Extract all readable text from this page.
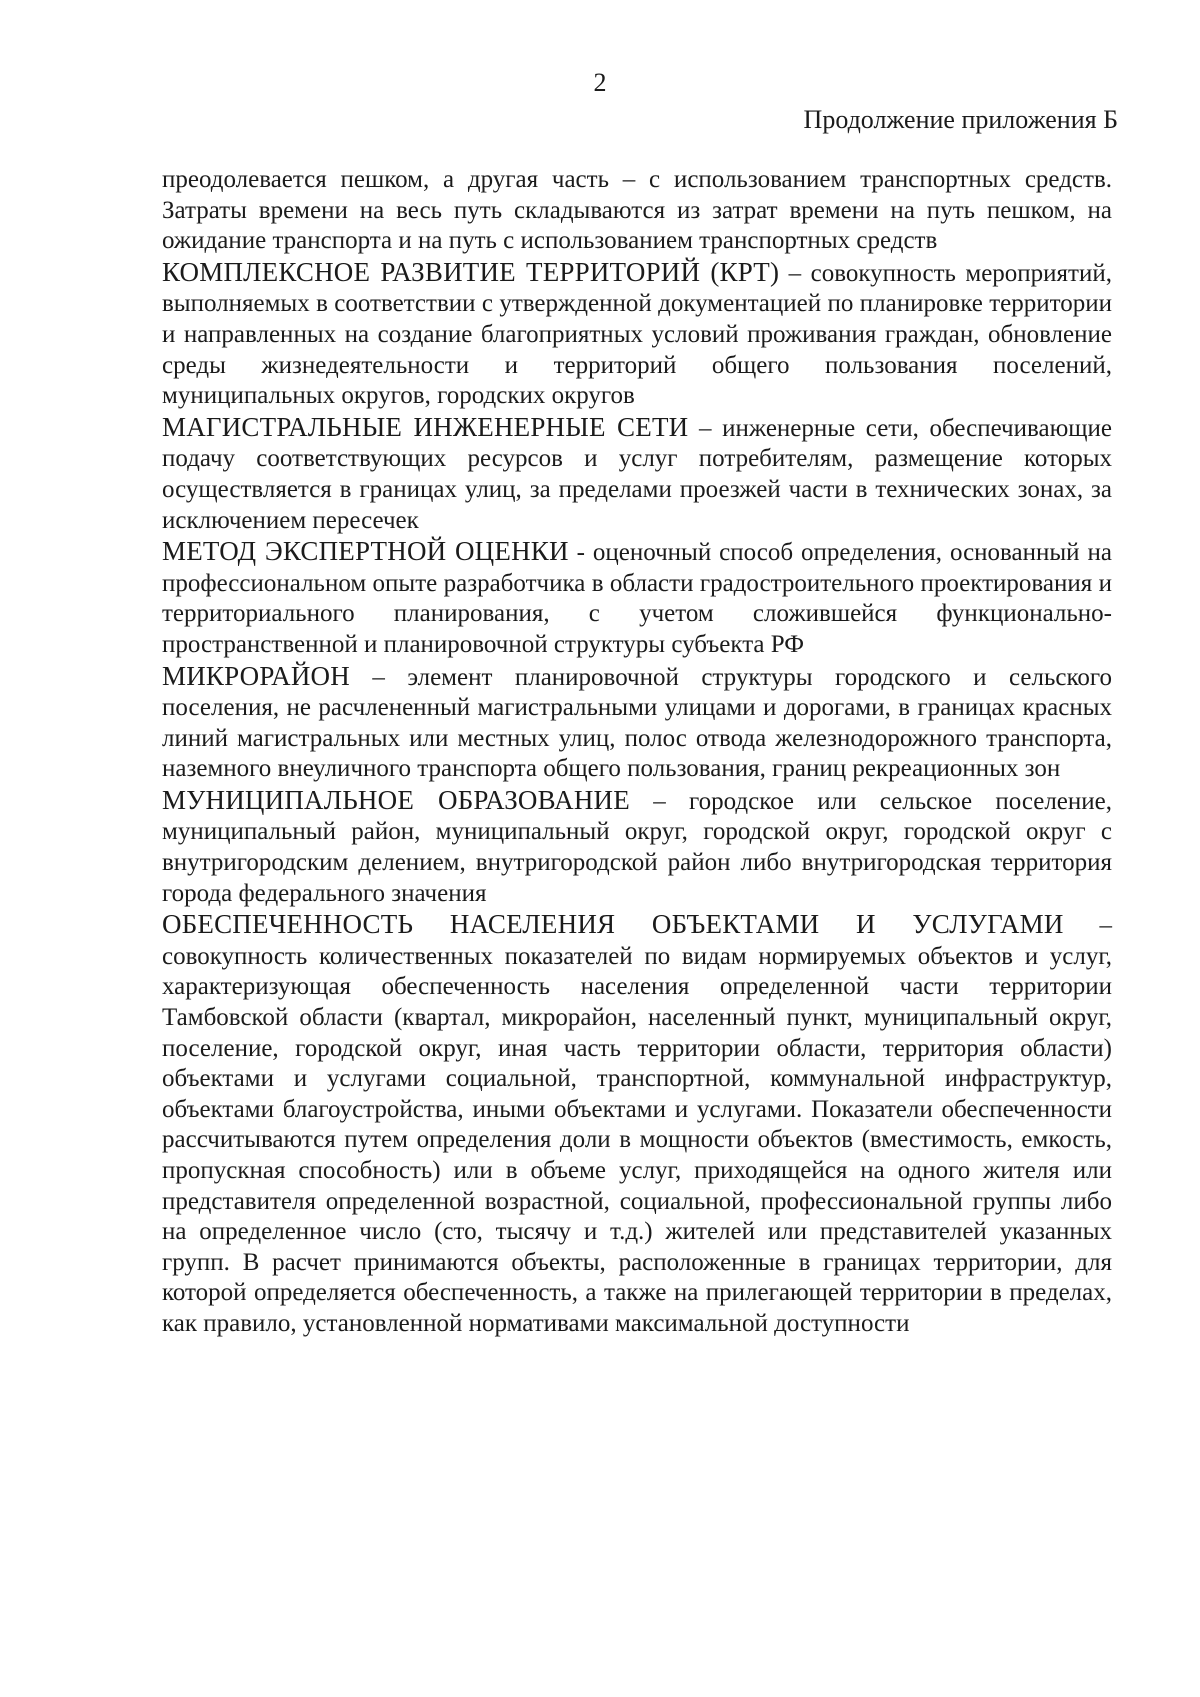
2
Продолжение приложения Б

преодолевается пешком, а другая часть – с использованием транспортных средств. Затраты времени на весь путь складываются из затрат времени на путь пешком, на ожидание транспорта и на путь с использованием транспортных средств

КОМПЛЕКСНОЕ РАЗВИТИЕ ТЕРРИТОРИЙ (КРТ) – совокупность мероприятий, выполняемых в соответствии с утвержденной документацией по планировке территории и направленных на создание благоприятных условий проживания граждан, обновление среды жизнедеятельности и территорий общего пользования поселений, муниципальных округов, городских округов

МАГИСТРАЛЬНЫЕ ИНЖЕНЕРНЫЕ СЕТИ – инженерные сети, обеспечивающие подачу соответствующих ресурсов и услуг потребителям, размещение которых осуществляется в границах улиц, за пределами проезжей части в технических зонах, за исключением пересечек

МЕТОД ЭКСПЕРТНОЙ ОЦЕНКИ - оценочный способ определения, основанный на профессиональном опыте разработчика в области градостроительного проектирования и территориального планирования, с учетом сложившейся функционально-пространственной и планировочной структуры субъекта РФ

МИКРОРАЙОН – элемент планировочной структуры городского и сельского поселения, не расчлененный магистральными улицами и дорогами, в границах красных линий магистральных или местных улиц, полос отвода железнодорожного транспорта, наземного внеуличного транспорта общего пользования, границ рекреационных зон

МУНИЦИПАЛЬНОЕ ОБРАЗОВАНИЕ – городское или сельское поселение, муниципальный район, муниципальный округ, городской округ, городской округ с внутригородским делением, внутригородской район либо внутригородская территория города федерального значения

ОБЕСПЕЧЕННОСТЬ НАСЕЛЕНИЯ ОБЪЕКТАМИ И УСЛУГАМИ – совокупность количественных показателей по видам нормируемых объектов и услуг, характеризующая обеспеченность населения определенной части территории Тамбовской области (квартал, микрорайон, населенный пункт, муниципальный округ, поселение, городской округ, иная часть территории области, территория области) объектами и услугами социальной, транспортной, коммунальной инфраструктур, объектами благоустройства, иными объектами и услугами. Показатели обеспеченности рассчитываются путем определения доли в мощности объектов (вместимость, емкость, пропускная способность) или в объеме услуг, приходящейся на одного жителя или представителя определенной возрастной, социальной, профессиональной группы либо на определенное число (сто, тысячу и т.д.) жителей или представителей указанных групп. В расчет принимаются объекты, расположенные в границах территории, для которой определяется обеспеченность, а также на прилегающей территории в пределах, как правило, установленной нормативами максимальной доступности
